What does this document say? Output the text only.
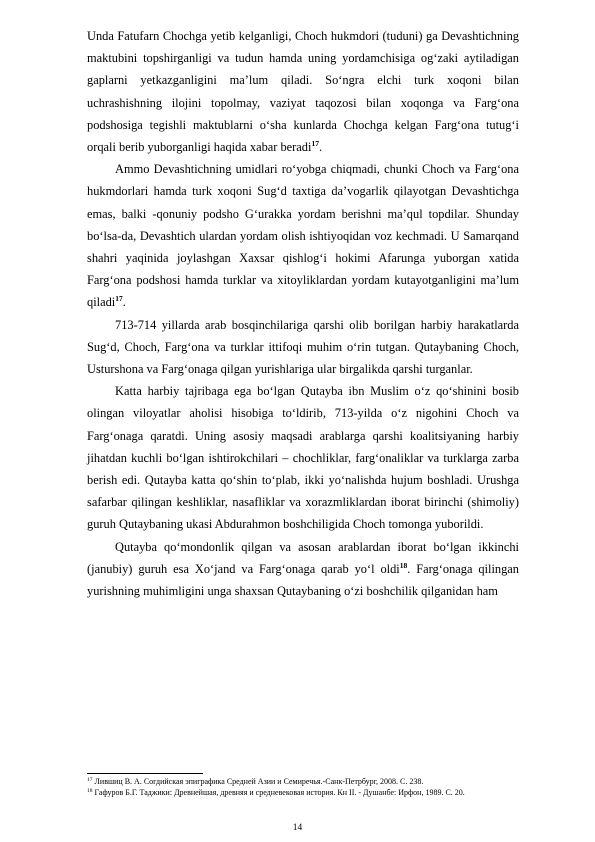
Unda Fatufarn Chochga yetib kelganligi, Choch hukmdori (tuduni) ga Devashtichning maktubini topshirganligi va tudun hamda uning yordamchisiga og‘zaki aytiladigan gaplarni yetkazganligini ma’lum qiladi. So‘ngra elchi turk xoqoni bilan uchrashishning ilojini topolmay, vaziyat taqozosi bilan xoqonga va Farg‘ona podshosiga tegishli maktublarni o‘sha kunlarda Chochga kelgan Farg‘ona tutug‘i orqali berib yuborganligi haqida xabar beradi$^{17}$.

Ammo Devashtichning umidlari ro‘yobga chiqmadi, chunki Choch va Farg‘ona hukmdorlari hamda turk xoqoni Sug‘d taxtiga da’vogarlik qilayotgan Devashtichga emas, balki -qonuniy podsho G‘urakka yordam berishni ma’qul topdilar. Shunday bo‘lsa-da, Devashtich ulardan yordam olish ishtiyoqidan voz kechmadi. U Samarqand shahri yaqinida joylashgan Xaxsar qishlog‘i hokimi Afarunga yuborgan xatida Farg‘ona podshosi hamda turklar va xitoyliklardan yordam kutayotganligini ma’lum qiladi$^{17}$.

713-714 yillarda arab bosqinchilariga qarshi olib borilgan harbiy harakatlarda Sug‘d, Choch, Farg‘ona va turklar ittifoqi muhim o‘rin tutgan. Qutaybaning Choch, Usturshona va Farg‘onaga qilgan yurishlariga ular birgalikda qarshi turganlar.

Katta harbiy tajribaga ega bo‘lgan Qutayba ibn Muslim o‘z qo‘shinini bosib olingan viloyatlar aholisi hisobiga to‘ldirib, 713-yilda o‘z nigohini Choch va Farg‘onaga qaratdi. Uning asosiy maqsadi arablarga qarshi koalitsiyaning harbiy jihatdan kuchli bo‘lgan ishtirokchilari – chochliklar, farg‘onaliklar va turklarga zarba berish edi. Qutayba katta qo‘shin to‘plab, ikki yo‘nalishda hujum boshladi. Urushga safarbar qilingan keshliklar, nasafliklar va xorazmliklardan iborat birinchi (shimoliy) guruh Qutaybaning ukasi Abdurahmon boshchiligida Choch tomonga yuborildi.

Qutayba qo‘mondonlik qilgan va asosan arablardan iborat bo‘lgan ikkinchi (janubiy) guruh esa Xo‘jand va Farg‘onaga qarab yo‘l oldi$^{18}$. Farg‘onaga qilingan yurishning muhimligini unga shaxsan Qutaybaning o‘zi boshchilik qilganidan ham

$^{17}$ Лившиц В. А. Согдийская эпиграфика Средней Азии и Семиречья.-Санк-Петрбург, 2008. С. 238.

$^{18}$ Гафуров Б.Г. Таджики: Древнейшая, древняя и средневековая история. Кн II. - Душанбе: Ирфон, 1989. С. 20.

14
